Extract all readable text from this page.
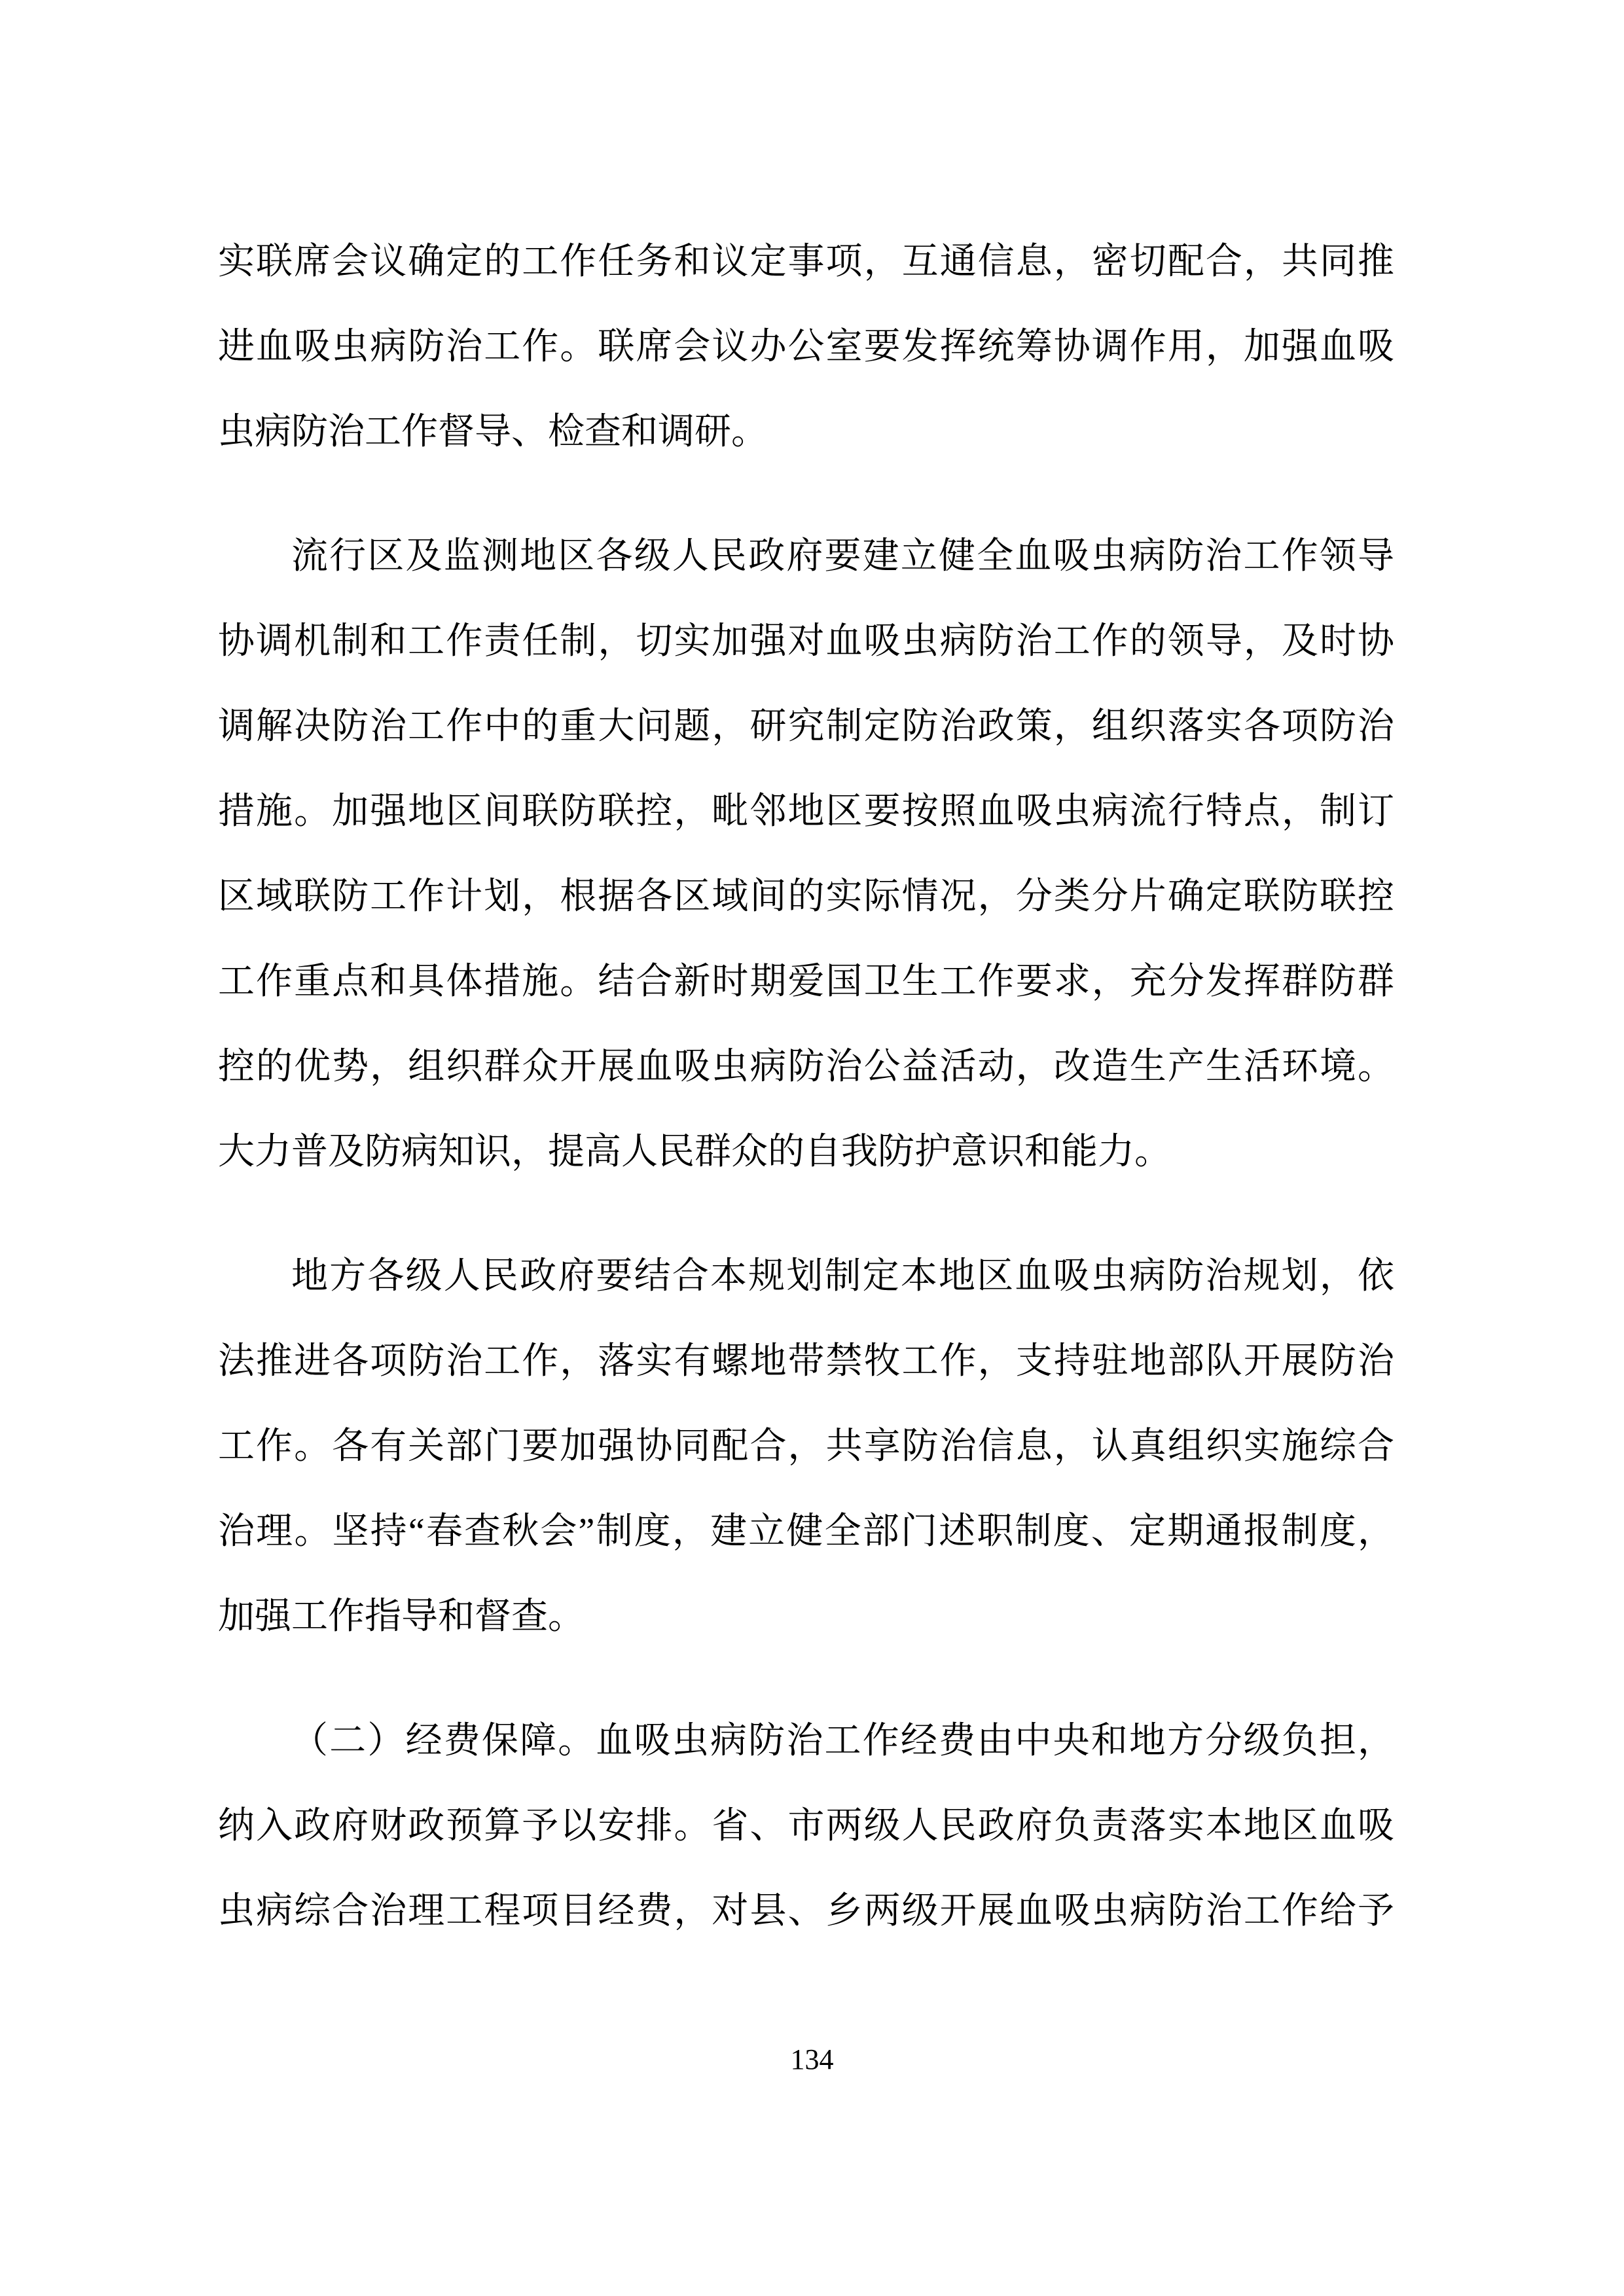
实联席会议确定的工作任务和议定事项，互通信息，密切配合，共同推
进血吸虫病防治工作。联席会议办公室要发挥统筹协调作用，加强血吸
虫病防治工作督导、检查和调研。
流行区及监测地区各级人民政府要建立健全血吸虫病防治工作领导
协调机制和工作责任制，切实加强对血吸虫病防治工作的领导，及时协
调解决防治工作中的重大问题，研究制定防治政策，组织落实各项防治
措施。加强地区间联防联控，毗邻地区要按照血吸虫病流行特点，制订
区域联防工作计划，根据各区域间的实际情况，分类分片确定联防联控
工作重点和具体措施。结合新时期爱国卫生工作要求，充分发挥群防群
控的优势，组织群众开展血吸虫病防治公益活动，改造生产生活环境。
大力普及防病知识，提高人民群众的自我防护意识和能力。
地方各级人民政府要结合本规划制定本地区血吸虫病防治规划，依
法推进各项防治工作，落实有螺地带禁牧工作，支持驻地部队开展防治
工作。各有关部门要加强协同配合，共享防治信息，认真组织实施综合
治理。坚持“春查秋会”制度，建立健全部门述职制度、定期通报制度，
加强工作指导和督查。
（二）经费保障。血吸虫病防治工作经费由中央和地方分级负担，
纳入政府财政预算予以安排。省、市两级人民政府负责落实本地区血吸
虫病综合治理工程项目经费，对县、乡两级开展血吸虫病防治工作给予
134
